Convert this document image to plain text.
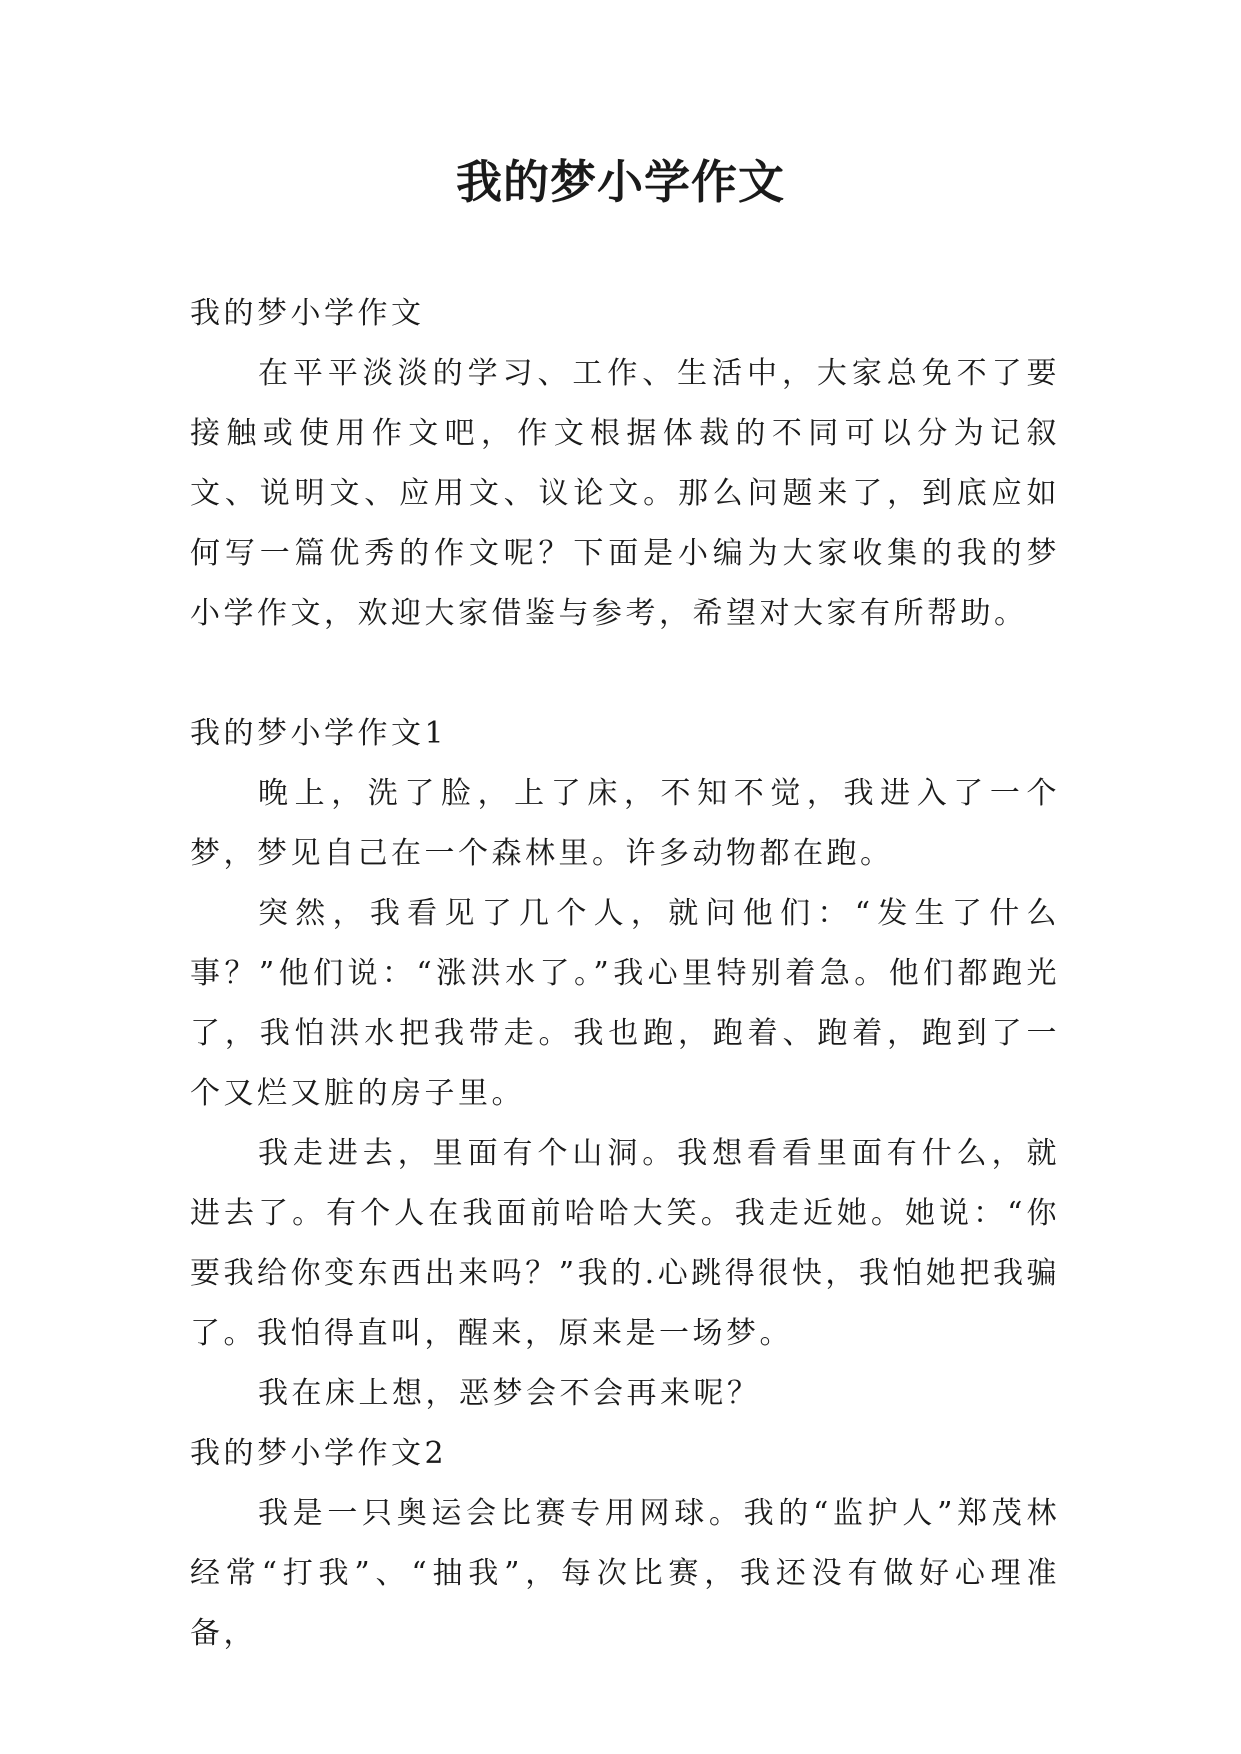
我的梦小学作文
我的梦小学作文

在平平淡淡的学习、工作、生活中，大家总免不了要接触或使用作文吧，作文根据体裁的不同可以分为记叙文、说明文、应用文、议论文。那么问题来了，到底应如何写一篇优秀的作文呢？下面是小编为大家收集的我的梦小学作文，欢迎大家借鉴与参考，希望对大家有所帮助。

我的梦小学作文1

晚上，洗了脸，上了床，不知不觉，我进入了一个梦，梦见自己在一个森林里。许多动物都在跑。

突然，我看见了几个人，就问他们：“发生了什么事？”他们说：“涨洪水了。”我心里特别着急。他们都跑光了，我怕洪水把我带走。我也跑，跑着、跑着，跑到了一个又烂又脏的房子里。

我走进去，里面有个山洞。我想看看里面有什么，就进去了。有个人在我面前哈哈大笑。我走近她。她说：“你要我给你变东西出来吗？”我的.心跳得很快，我怕她把我骗了。我怕得直叫，醒来，原来是一场梦。

我在床上想，恶梦会不会再来呢？

我的梦小学作文2

我是一只奥运会比赛专用网球。我的“监护人”郑茂林经常“打我”、“抽我”，每次比赛，我还没有做好心理准备，
